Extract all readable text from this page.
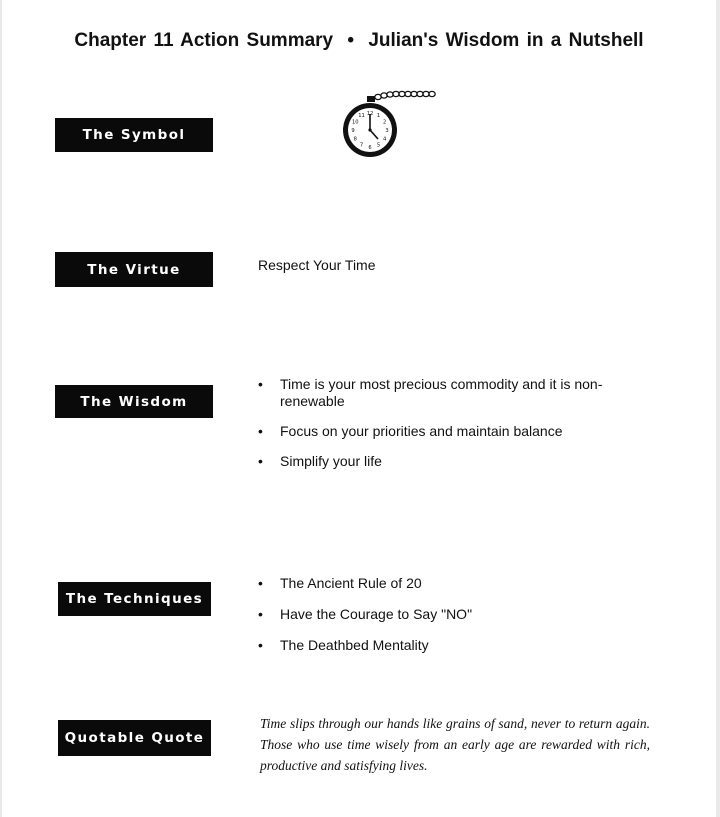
Chapter 11 Action Summary • Julian's Wisdom in a Nutshell
The Symbol
12 1
2
3
4
5
6
7
8
9
10
11
The Virtue	Respect Your Time
The Wisdom
• Time is your most precious commodity and it is non-renewable
• Focus on your priorities and maintain balance
• Simplify your life
The Techniques
• The Ancient Rule of 20
• Have the Courage to Say "NO"
• The Deathbed Mentality
Quotable Quote
Time slips through our hands like grains of sand, never to return again. Those who use time wisely from an early age are rewarded with rich, productive and satisfying lives.
